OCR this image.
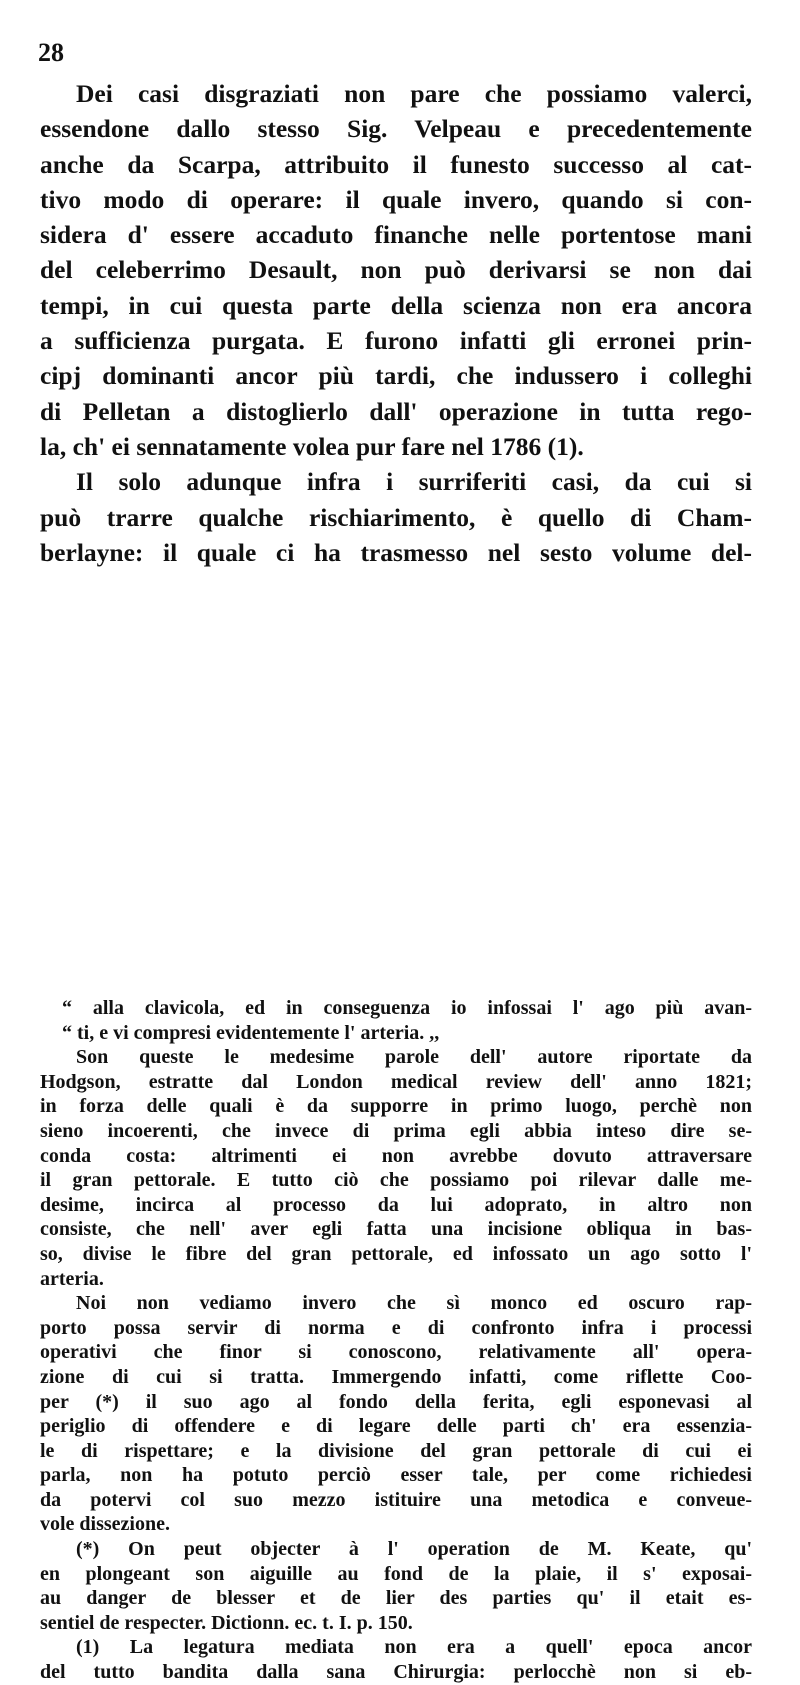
28

Dei casi disgraziati non pare che possiamo valerci,

essendone dallo stesso Sig. Velpeau e precedentemente

anche da Scarpa, attribuito il funesto successo al cat-

tivo modo di operare: il quale invero, quando si con-

sidera d' essere accaduto finanche nelle portentose mani

del celeberrimo Desault, non può derivarsi se non dai

tempi, in cui questa parte della scienza non era ancora

a sufficienza purgata. E furono infatti gli erronei prin-

cipj dominanti ancor più tardi, che indussero i colleghi

di Pelletan a distoglierlo dall' operazione in tutta rego-

la, ch' ei sennatamente volea pur fare nel 1786 (1).

Il solo adunque infra i surriferiti casi, da cui si

può trarre qualche rischiarimento, è quello di Cham-

berlayne: il quale ci ha trasmesso nel sesto volume del-

“ alla clavicola, ed in conseguenza io infossai l' ago più avan-

“ ti, e vi compresi evidentemente l' arteria. ,,

Son queste le medesime parole dell' autore riportate da

Hodgson, estratte dal London medical review dell' anno 1821;

in forza delle quali è da supporre in primo luogo, perchè non

sieno incoerenti, che invece di prima egli abbia inteso dire se-

conda costa: altrimenti ei non avrebbe dovuto attraversare

il gran pettorale. E tutto ciò che possiamo poi rilevar dalle me-

desime, incirca al processo da lui adoprato, in altro non

consiste, che nell' aver egli fatta una incisione obliqua in bas-

so, divise le fibre del gran pettorale, ed infossato un ago sotto l'

arteria.

Noi non vediamo invero che sì monco ed oscuro rap-

porto possa servir di norma e di confronto infra i processi

operativi che finor si conoscono, relativamente all' opera-

zione di cui si tratta. Immergendo infatti, come riflette Coo-

per (*) il suo ago al fondo della ferita, egli esponevasi al

periglio di offendere e di legare delle parti ch' era essenzia-

le di rispettare; e la divisione del gran pettorale di cui ei

parla, non ha potuto perciò esser tale, per come richiedesi

da potervi col suo mezzo istituire una metodica e conveue-

vole dissezione.

(*) On peut objecter à l' operation de M. Keate, qu'

en plongeant son aiguille au fond de la plaie, il s' exposai-

au danger de blesser et de lier des parties qu' il etait es-

sentiel de respecter. Dictionn. ec. t. I. p. 150.

(1) La legatura mediata non era a quell' epoca ancor

del tutto bandita dalla sana Chirurgia: perlocchè non si eb-
